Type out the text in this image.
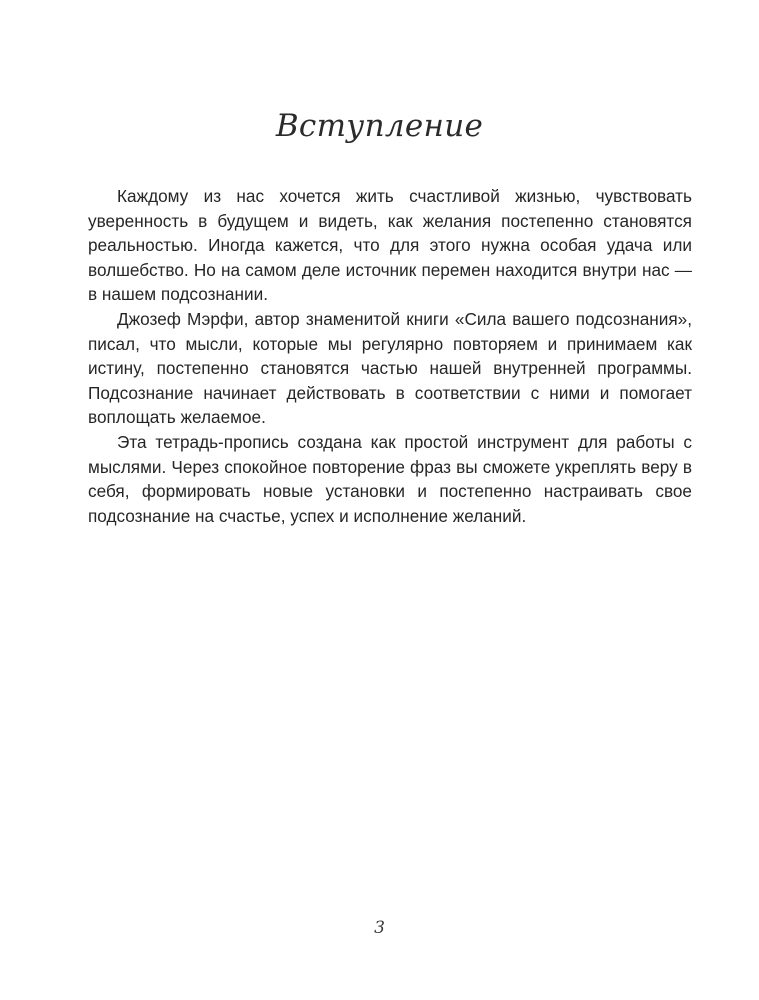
Вступление

Каждому из нас хочется жить счастливой жизнью, чувствовать уверенность в будущем и видеть, как желания постепенно становятся реальностью. Иногда кажется, что для этого нужна особая удача или волшебство. Но на самом деле источник перемен находится внутри нас — в нашем подсознании.

Джозеф Мэрфи, автор знаменитой книги «Сила вашего подсознания», писал, что мысли, которые мы регулярно повторяем и принимаем как истину, постепенно становятся частью нашей внутренней программы. Подсознание начинает действовать в соответствии с ними и помогает воплощать желаемое.

Эта тетрадь-пропись создана как простой инструмент для работы с мыслями. Через спокойное повторение фраз вы сможете укреплять веру в себя, формировать новые установки и постепенно настраивать свое подсознание на счастье, успех и исполнение желаний.

3
